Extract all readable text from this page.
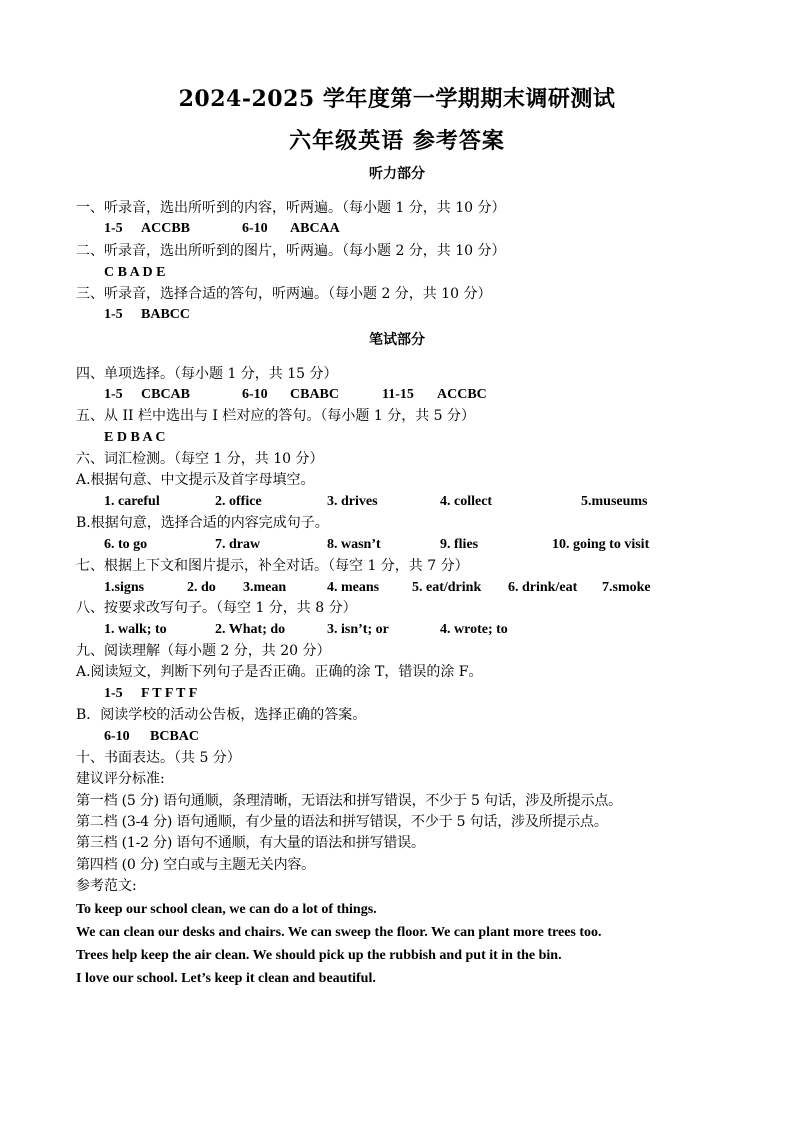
2024-2025 学年度第一学期期末调研测试
六年级英语 参考答案
听力部分
一、听录音，选出所听到的内容，听两遍。（每小题 1 分，共 10 分）
1-5 ACCBB	6-10 ABCAA
二、听录音，选出所听到的图片，听两遍。（每小题 2 分，共 10 分）
C B A D E
三、听录音，选择合适的答句，听两遍。（每小题 2 分，共 10 分）
1-5 BABCC
笔试部分
四、单项选择。（每小题 1 分，共 15 分）
1-5 CBCAB	6-10 CBABC	11-15 ACCBC
五、从 II 栏中选出与 I 栏对应的答句。（每小题 1 分，共 5 分）
E D B A C
六、词汇检测。（每空 1 分，共 10 分）
A.根据句意、中文提示及首字母填空。
1. careful	2. office	3. drives	4. collect	5.museums
B.根据句意，选择合适的内容完成句子。
6. to go	7. draw	8. wasn’t	9. flies	10. going to visit
七、根据上下文和图片提示，补全对话。（每空 1 分，共 7 分）
1.signs	2. do 3.mean	4. means 5. eat/drink 6. drink/eat 7.smoke
八、按要求改写句子。（每空 1 分，共 8 分）
1. walk; to	2. What; do	3. isn’t; or	4. wrote; to
九、阅读理解（每小题 2 分，共 20 分）
A.阅读短文，判断下列句子是否正确。正确的涂 T，错误的涂 F。
1-5 F T F T F
B．阅读学校的活动公告板，选择正确的答案。
6-10 BCBAC
十、书面表达。（共 5 分）
建议评分标准:
第一档 (5 分) 语句通顺，条理清晰，无语法和拼写错误，不少于 5 句话，涉及所提示点。
第二档 (3-4 分) 语句通顺，有少量的语法和拼写错误，不少于 5 句话，涉及所提示点。
第三档 (1-2 分) 语句不通顺，有大量的语法和拼写错误。
第四档 (0 分) 空白或与主题无关内容。
参考范文:
To keep our school clean, we can do a lot of things.
We can clean our desks and chairs. We can sweep the floor. We can plant more trees too.
Trees help keep the air clean. We should pick up the rubbish and put it in the bin.
I love our school. Let’s keep it clean and beautiful.
